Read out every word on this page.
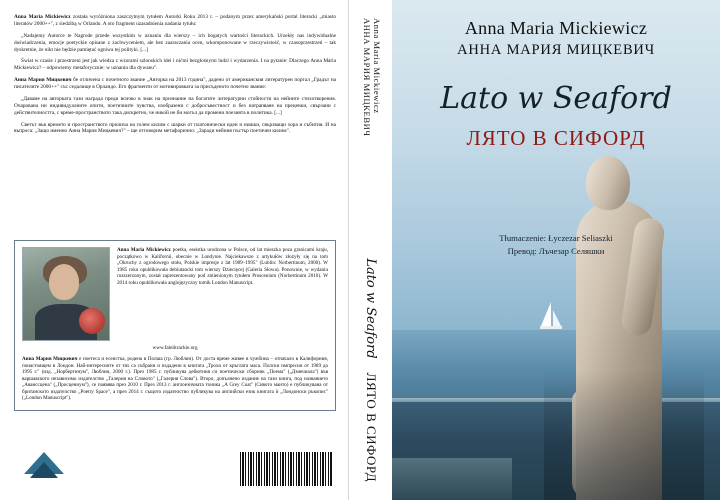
Anna Maria Mickiewicz została wyróżniona zaszczytnym tytułem Autorki Roku 2013 r. – podanym przez amerykański portal literacki „miasto literatów 2000++", z siedzibą w Orlando. A oto fragment uzasadnienia nadania tytułu:

„Nadajemy Autorce te Nagrode przede wszystkim w uznaniu dla wierszy – ich bogatych wartości literackich. Urzekły nas indywidualne doświadczenia, emocje poetyckie opisane z zachwyceniem, ale bez zaaraczania ocen, wkomponowane w rzeczywistość, w czasoprzestrzeń – tak dyskretnie, że nikt nie będzie pamiętać ogniwa tej polityki. [...]

Świat w czasie i przestrzeni jest jak wiedza z wzorami szlonskich idei i nićmi bezgłośnymi ludzi i wydarzenia. I na pytanie: Dlaczego Anna Maria Mickiewicz? – odpowiemy metaforycznie: w uznaniu dla dywanu".

Анна Мария Мицкевич бе отличена с почетното звание „Авторка на 2013 година", дадено от американския литературен портал „Градът на писателите 2000++" със седалище в Орландо. Ето фрагменти от мотивировката за присъденото почетно звание:

„Даваме на авторката тази награда преди всичко в знак на признание на богатите литературни стойности на нейните стихотворения. Очарована ни индивидуалните опити, поетичните чувства, изобразени с добросъвестност и без натрапване на преценки, свързани с действителността, с време-пространството така дискретно, че никой не би могъл да промени поезията в политика. [...]

Светът във времето и пространството прилича на голем килим с шарки от платонически идеи и нишки, свързващи хора и събития. И на въпроса: „Защо именно Анна Мария Мицкевич?" – ще отговорим метафорично: „Заради нейния пъстър поетичен килим".

Anna Maria Mickiewicz poetka, eseistka urodzona w Polsce, od lat mieszka poza granicami kraju, początkowo w Kalifornii, obecnie w Londynie. Najciekawsze z artykułów złożyły się na tom „Okruchy z ogrodowego stołu, Polskie impresje z lat 1989–1995" (Lublin: Norbertinum, 2000). W 1985 roku opublikowała debiutancki tom wierszy Dziecięcej (Galeria Słowa). Ponownie, w wydaniu rozszerzonym, został zaprezentowany pod zmienionym tytułem Proscenium (Norbertinum 2010). W 2014 roku opublikowała anglojęzyczny tomik London Manuscript.

www.falelitrackie.org

Анна Мария Мицкевич е поетеса и есеистка, родена в Полша (гр. Люблин). От доста време живее в чужбина – отначало в Калифорния, понастоящем в Лондон. Най-интересните от тях са събрани и издадени в книгата „Трохи от кръглата маса. Полски импресии от 1989 до 1995 г." (изд. „Норбертинум", Люблин, 2000 г.). През 1985 г. публикува дебютния си поетически сборник „Поема" („Дзиечнала") във варшавското независимо издателство „Галерия на Словото" („Галерия Слова"). Второ, допълнено издание на тази книга, под названието „Аванссцена" („Просцениум"), се появява през 2010 г. През 2013 г. англоезичната тоника „A Grey Coat" (Сивото манто) е публикувана от британското издателство „Poetry Space", а през 2014 г. същото издателство публикува на английски език книгата ѝ „Лондонски ръкопис" („London Manuscript").

Anna Maria Mickiewicz
АННА МАРИЯ МИЦКЕВИЧ
Lato w Seaford
ЛЯТО В СИФОРД
Anna Maria Mickiewicz
АННА МАРИЯ МИЦКЕВИЧ
Lato w Seaford
ЛЯТО В СИФОРД
Tłumaczenie: Łyczezar Seliaszki
Превод: Лъчезар Селяшки
